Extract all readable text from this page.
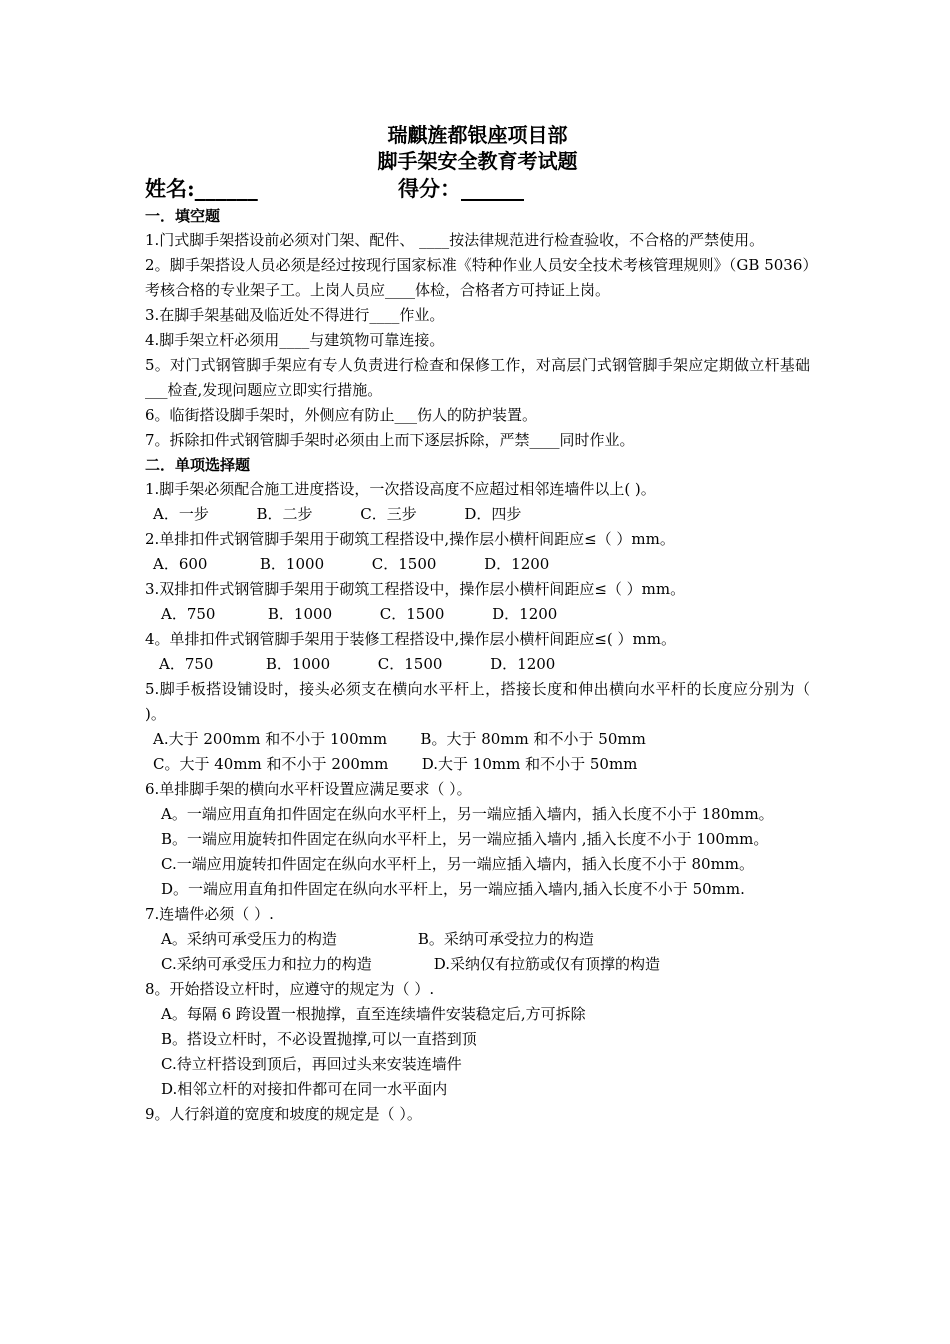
瑞麒旌都银座项目部
脚手架安全教育考试题
姓名:______	得分：______
一．填空题
1.门式脚手架搭设前必须对门架、配件、 ____按法律规范进行检查验收，不合格的严禁使用。
2。脚手架搭设人员必须是经过按现行国家标准《特种作业人员安全技术考核管理规则》（GB 5036）考核合格的专业架子工。上岗人员应____体检，合格者方可持证上岗。
3.在脚手架基础及临近处不得进行____作业。
4.脚手架立杆必须用____与建筑物可靠连接。
5。对门式钢管脚手架应有专人负责进行检查和保修工作，对高层门式钢管脚手架应定期做立杆基础___检查,发现问题应立即实行措施。
6。临街搭设脚手架时，外侧应有防止___伤人的防护装置。
7。拆除扣件式钢管脚手架时必须由上而下逐层拆除，严禁____同时作业。
二．单项选择题
1.脚手架必须配合施工进度搭设，一次搭设高度不应超过相邻连墙件以上( )。
A．一步          B．二步          C．三步          D．四步
2.单排扣件式钢管脚手架用于砌筑工程搭设中,操作层小横杆间距应≤（ ）mm。
A．600           B．1000          C．1500          D．1200
3.双排扣件式钢管脚手架用于砌筑工程搭设中，操作层小横杆间距应≤（ ）mm。
A．750           B．1000          C．1500          D．1200
4。单排扣件式钢管脚手架用于装修工程搭设中,操作层小横杆间距应≤( ）mm。
A．750           B．1000          C．1500          D．1200
5.脚手板搭设铺设时，接头必须支在横向水平杆上，搭接长度和伸出横向水平杆的长度应分别为（ )。
A.大于 200mm 和不小于 100mm       B。大于 80mm 和不小于 50mm
C。大于 40mm 和不小于 200mm       D.大于 10mm 和不小于 50mm
6.单排脚手架的横向水平杆设置应满足要求（ ）。
A。一端应用直角扣件固定在纵向水平杆上，另一端应插入墙内，插入长度不小于 180mm。
B。一端应用旋转扣件固定在纵向水平杆上，另一端应插入墙内 ,插入长度不小于 100mm。
C.一端应用旋转扣件固定在纵向水平杆上，另一端应插入墙内，插入长度不小于 80mm。
D。一端应用直角扣件固定在纵向水平杆上，另一端应插入墙内,插入长度不小于 50mm.
7.连墙件必须（ ）.
A。采纳可承受压力的构造                 B。采纳可承受拉力的构造
C.采纳可承受压力和拉力的构造             D.采纳仅有拉筋或仅有顶撑的构造
8。开始搭设立杆时，应遵守的规定为（ ）.
A。每隔 6 跨设置一根抛撑，直至连续墙件安装稳定后,方可拆除
B。搭设立杆时，不必设置抛撑,可以一直搭到顶
C.待立杆搭设到顶后，再回过头来安装连墙件
D.相邻立杆的对接扣件都可在同一水平面内
9。人行斜道的宽度和坡度的规定是（ ）。
